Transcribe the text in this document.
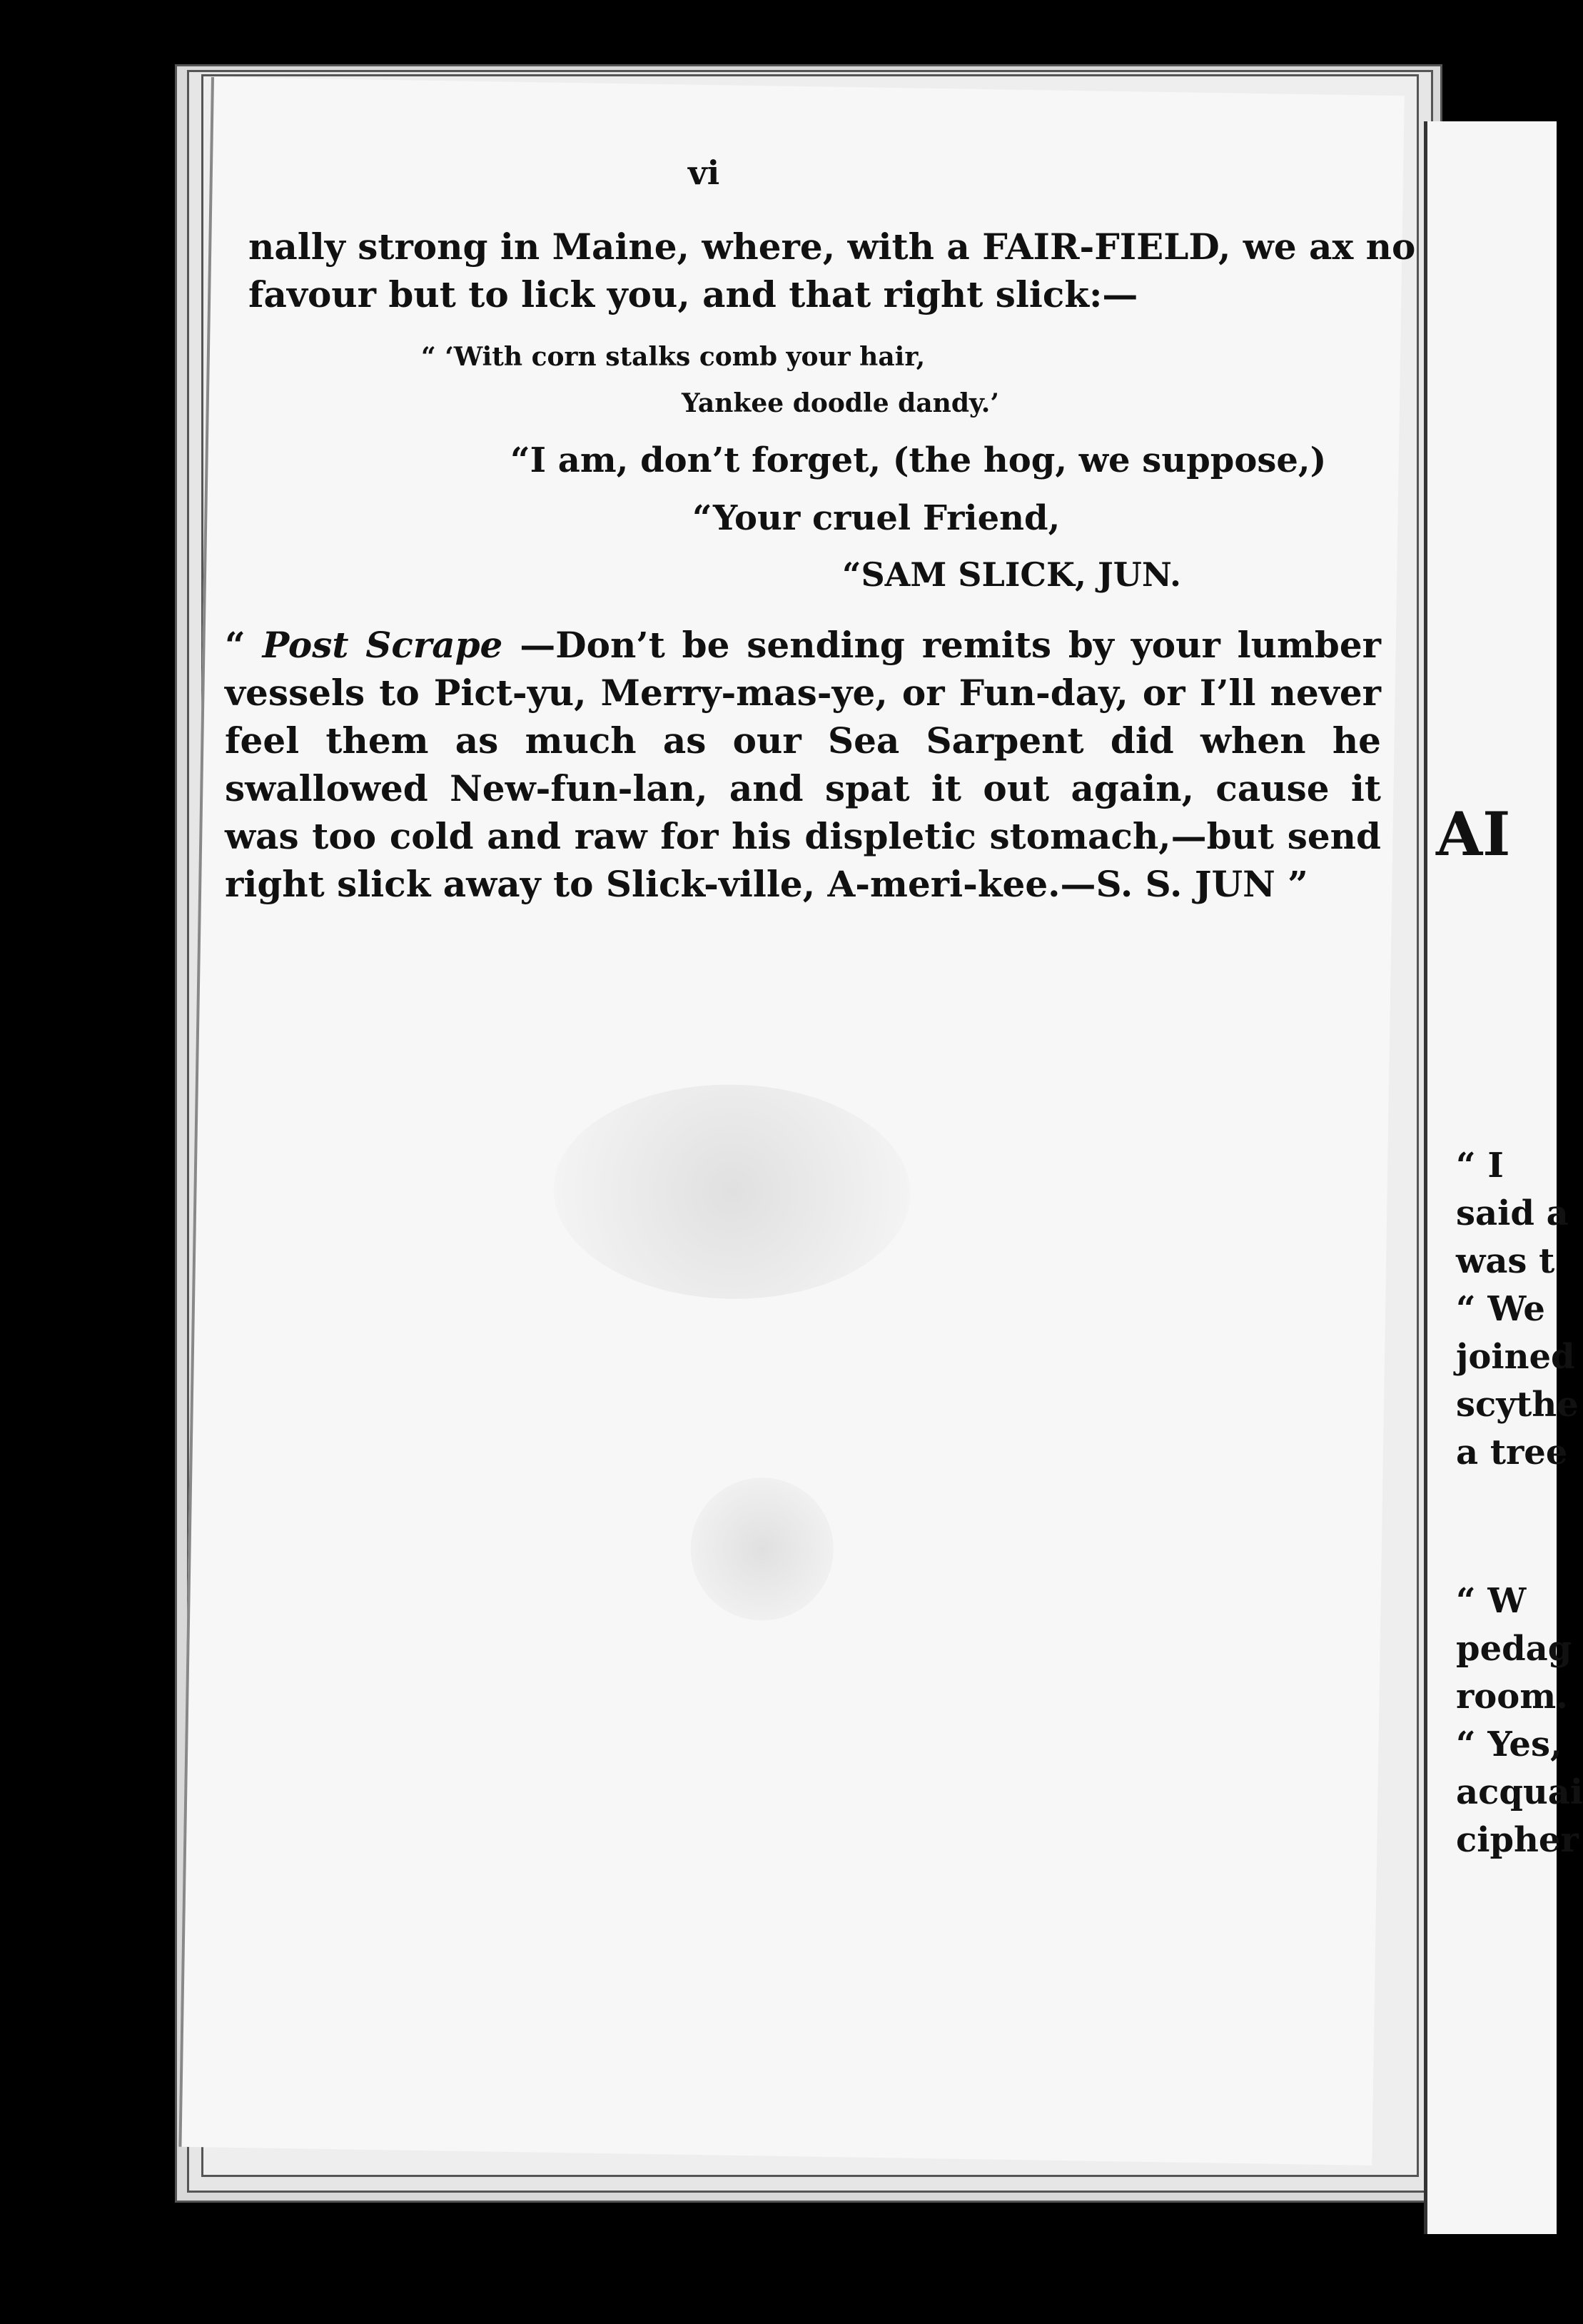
AI
“ I
said a
was t
“ We
joined
scythe
a tree
“ W
pedag
room.
“ Yes,
acquai
cipher
vi
nally strong in Maine, where, with a FAIR-FIELD, we ax no
favour but to lick you, and that right slick:—
“ ‘With corn stalks comb your hair,
Yankee doodle dandy.’
“I am, don’t forget, (the hog, we suppose,)
“Your cruel Friend,
“SAM SLICK, JUN.
“ Post Scrape —Don’t be sending remits by your lumber
vessels to Pict-yu, Merry-mas-ye, or Fun-day, or I’ll never
feel them as much as our Sea Sarpent did when he
swallowed New-fun-lan, and spat it out again, cause it
was too cold and raw for his displetic stomach,—but send
right slick away to Slick-ville, A-meri-kee.—S. S. JUN ”
